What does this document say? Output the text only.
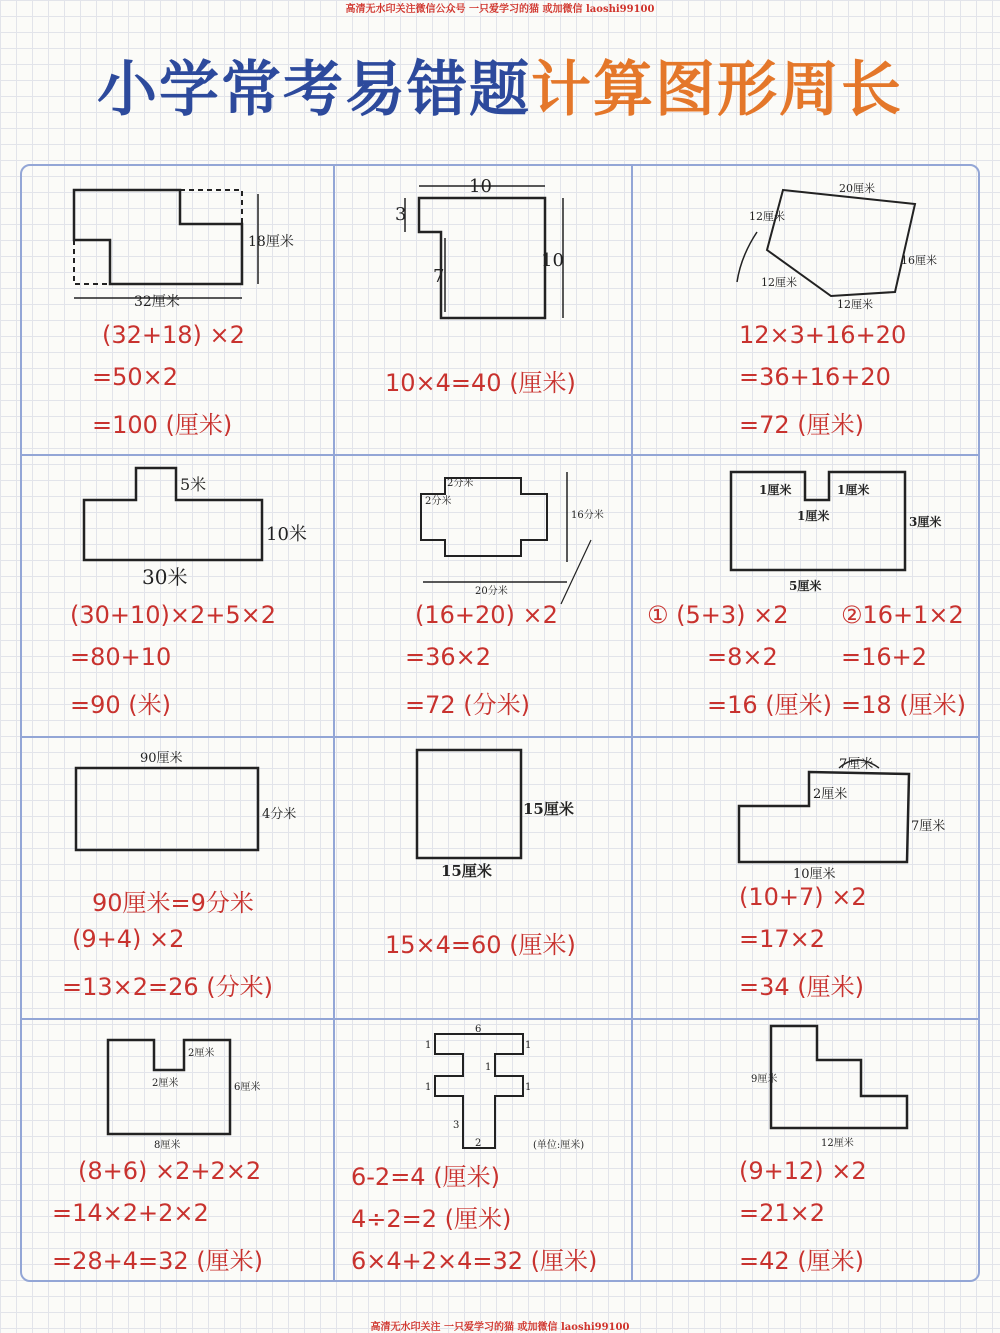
高清无水印关注微信公众号 一只爱学习的猫 或加微信 laoshi99100
小学常考易错题计算图形周长
18厘米
32厘米
(32+18) ×2
=50×2
=100 (厘米)
10
3
7
10
10×4=40 (厘米)
20厘米
12厘米
16厘米
12厘米
12厘米
12×3+16+20
=36+16+20
=72 (厘米)
5米
10米
30米
(30+10)×2+5×2
=80+10
=90 (米)
2分米
2分米
16分米
20分米
(16+20) ×2
=36×2
=72 (分米)
1厘米	1厘米
1厘米	3厘米
5厘米
① (5+3) ×2
=8×2
=16 (厘米)
②16+1×2
=16+2
=18 (厘米)
90厘米
4分米
90厘米=9分米
(9+4) ×2
=13×2=26 (分米)
15厘米
15厘米
15×4=60 (厘米)
7厘米
2厘米
7厘米
10厘米
(10+7) ×2
=17×2
=34 (厘米)
2厘米
2厘米
6厘米
8厘米
(8+6) ×2+2×2
=14×2+2×2
=28+4=32 (厘米)
6
1	1
1
1	1
3
2	(单位:厘米)
6-2=4 (厘米)
4÷2=2 (厘米)
6×4+2×4=32 (厘米)
9厘米
12厘米
(9+12) ×2
=21×2
=42 (厘米)
高清无水印关注 一只爱学习的猫 或加微信 laoshi99100
